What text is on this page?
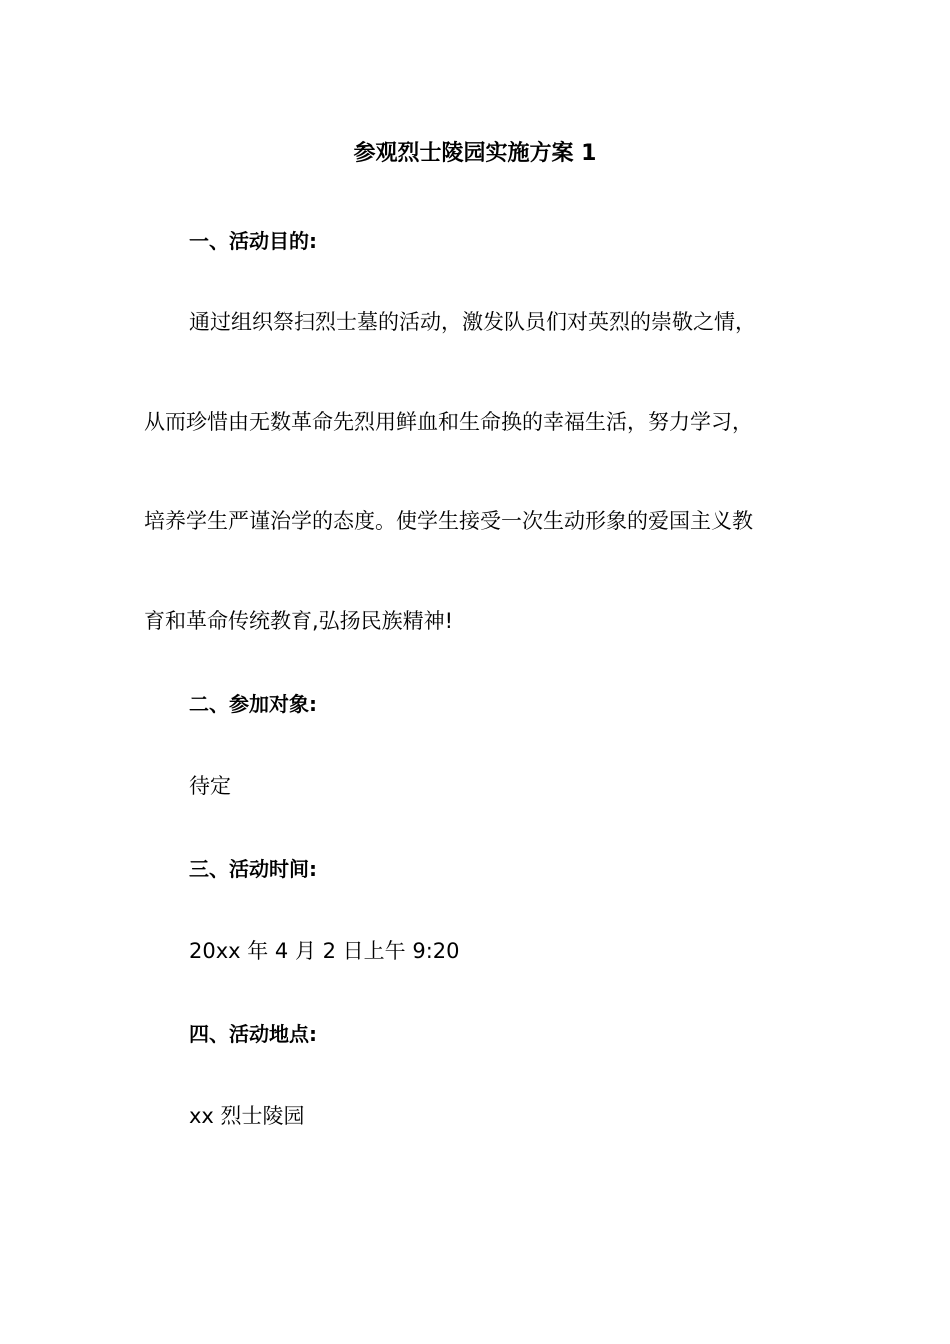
参观烈士陵园实施方案 1
一、活动目的:
通过组织祭扫烈士墓的活动，激发队员们对英烈的崇敬之情，
从而珍惜由无数革命先烈用鲜血和生命换的幸福生活，努力学习，
培养学生严谨治学的态度。使学生接受一次生动形象的爱国主义教
育和革命传统教育,弘扬民族精神!
二、参加对象:
待定
三、活动时间:
20xx 年 4 月 2 日上午 9:20
四、活动地点:
xx 烈士陵园
